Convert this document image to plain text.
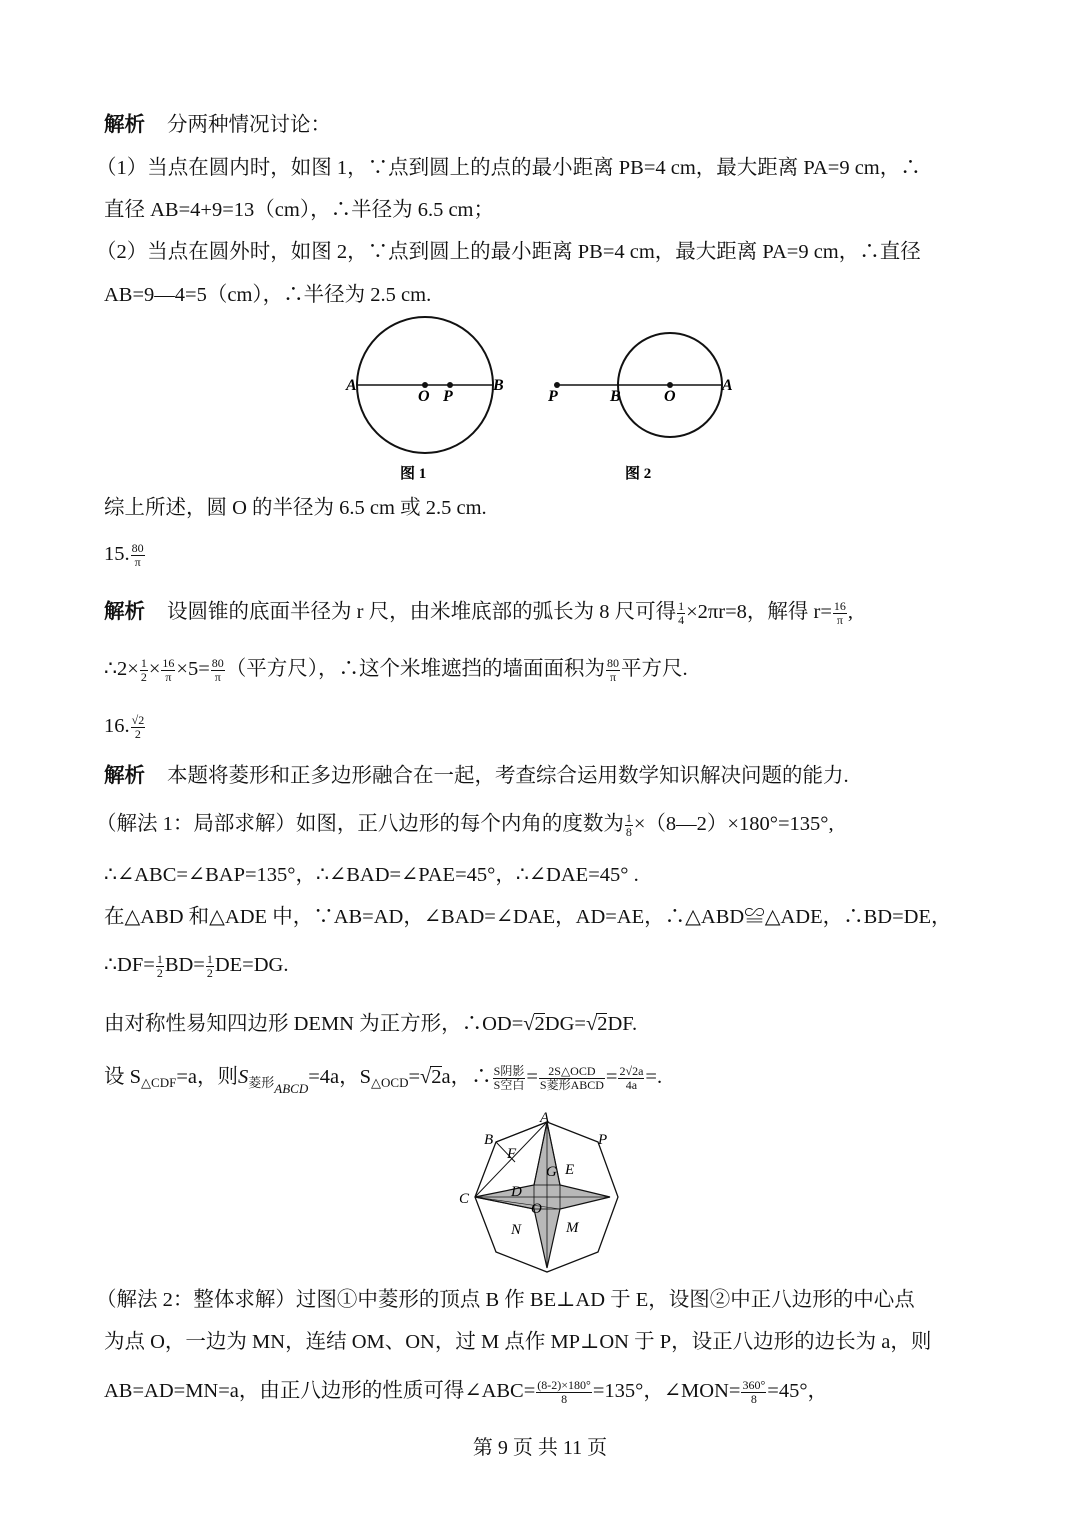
解析 分两种情况讨论：
（1）当点在圆内时，如图 1，∵点到圆上的点的最小距离 PB=4 cm，最大距离 PA=9 cm，∴
直径 AB=4+9=13（cm），∴半径为 6.5 cm；
（2）当点在圆外时，如图 2，∵点到圆上的最小距离 PB=4 cm，最大距离 PA=9 cm，∴直径
AB=9—4=5（cm），∴半径为 2.5 cm.
A	B
O P
图 1
P	B	O
A
图 2
综上所述，圆 O 的半径为 6.5 cm 或 2.5 cm.
15. $\frac{80}{\pi}$
解析 设圆锥的底面半径为 r 尺，由米堆底部的弧长为 8 尺可得 $\frac{1}{4} \times 2\pi r=8$，解得 $r= \frac{16}{\pi}$ ,
∴2× $\frac{1}{2} \times \frac{16}{\pi} \times 5= \frac{80}{\pi}$ （平方尺），∴这个米堆遮挡的墙面面积为 $\frac{80}{\pi}$ 平方尺.
16. $\frac{√2}{2}$
解析 本题将菱形和正多边形融合在一起，考查综合运用数学知识解决问题的能力.
（解法 1：局部求解）如图，正八边形的每个内角的度数为 $\frac{1}{8}$ ×（8—2）×180°=135°,
∴∠ABC=∠BAP=135°，∴∠BAD=∠PAE=45°，∴∠DAE=45° .
在△ABD 和△ADE 中，∵AB=AD，∠BAD=∠DAE，AD=AE，∴△ABD≌△ADE，∴BD=DE，
∴DF= $\frac{1}{2} BD= \frac{1}{2} DE=DG$.
由对称性易知四边形 DEMN 为正方形，∴OD=√2DG=√2DF.
设 $S_{\triangle CDF}=a$，则$S_{菱形ABCD}=4a$，$S_{\triangle OCD}=√2a$，∴ S阴影
S空白 = 2S△OCD
S菱形ABCD = $\frac{2√2a}{4a}$ =.
A
B	P
F
G E
C	D
O
N	M
（解法 2：整体求解）过图①中菱形的顶点 B 作 BE⊥AD 于 E，设图②中正八边形的中心点
为点 O，一边为 MN，连结 OM、ON，过 M 点作 MP⊥ON 于 P，设正八边形的边长为 a，则
AB=AD=MN=a，由正八边形的性质可得∠ABC= $\frac{(8-2)\times 180^\circ}{8} =135^\circ$，∠MON= $\frac{360^\circ}{8} =45^\circ$，
第 9 页 共 11 页
